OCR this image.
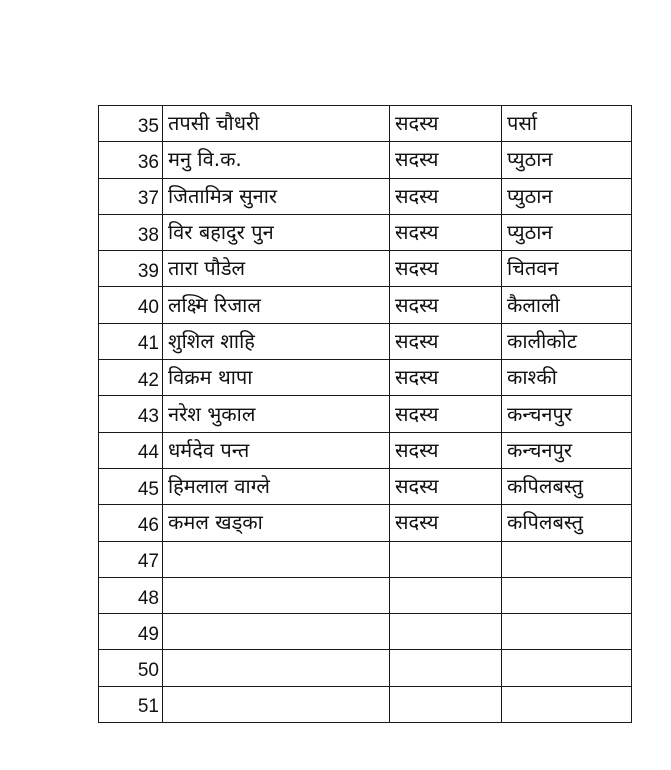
35	तपसी चौधरी	सदस्य	पर्सा
36	मनु वि.क.	सदस्य	प्युठान
37	जितामित्र सुनार	सदस्य	प्युठान
38	विर बहादुर पुन	सदस्य	प्युठान
39	तारा पौडेल	सदस्य	चितवन
40	लक्ष्मि रिजाल	सदस्य	कैलाली
41	शुशिल शाहि	सदस्य	कालीकोट
42	विक्रम थापा	सदस्य	काश्की
43	नरेश भुकाल	सदस्य	कन्चनपुर
44	धर्मदेव पन्त	सदस्य	कन्चनपुर
45	हिमलाल वाग्ले	सदस्य	कपिलबस्तु
46	कमल खड्का	सदस्य	कपिलबस्तु
47			
48			
49			
50			
51			
